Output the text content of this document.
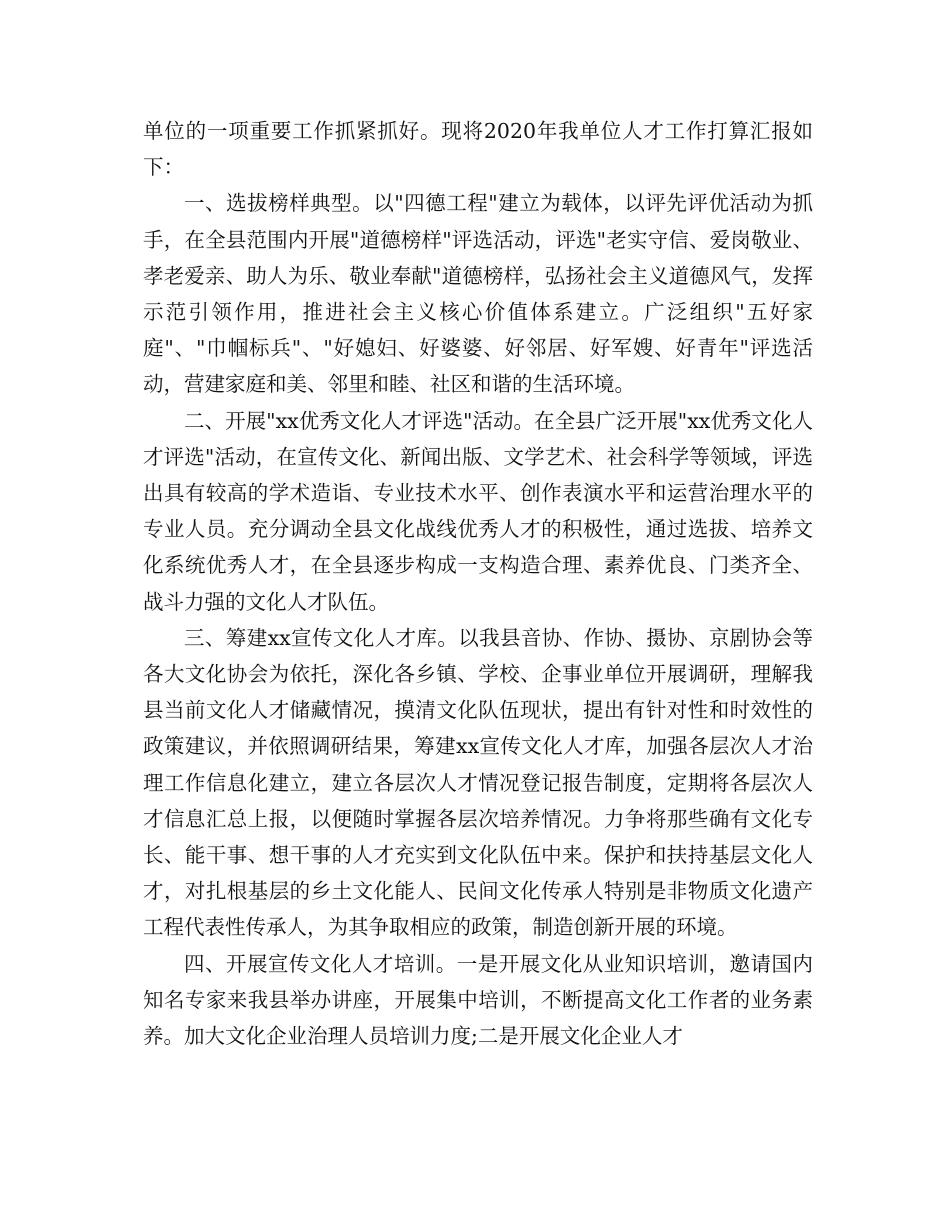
单位的一项重要工作抓紧抓好。现将2020年我单位人才工作打算汇报如下：

一、选拔榜样典型。以"四德工程"建立为载体，以评先评优活动为抓手，在全县范围内开展"道德榜样"评选活动，评选"老实守信、爱岗敬业、孝老爱亲、助人为乐、敬业奉献"道德榜样，弘扬社会主义道德风气，发挥示范引领作用，推进社会主义核心价值体系建立。广泛组织"五好家庭"、"巾帼标兵"、"好媳妇、好婆婆、好邻居、好军嫂、好青年"评选活动，营建家庭和美、邻里和睦、社区和谐的生活环境。

二、开展"xx优秀文化人才评选"活动。在全县广泛开展"xx优秀文化人才评选"活动，在宣传文化、新闻出版、文学艺术、社会科学等领域，评选出具有较高的学术造诣、专业技术水平、创作表演水平和运营治理水平的专业人员。充分调动全县文化战线优秀人才的积极性，通过选拔、培养文化系统优秀人才，在全县逐步构成一支构造合理、素养优良、门类齐全、战斗力强的文化人才队伍。

三、筹建xx宣传文化人才库。以我县音协、作协、摄协、京剧协会等各大文化协会为依托，深化各乡镇、学校、企事业单位开展调研，理解我县当前文化人才储藏情况，摸清文化队伍现状，提出有针对性和时效性的政策建议，并依照调研结果，筹建xx宣传文化人才库，加强各层次人才治理工作信息化建立，建立各层次人才情况登记报告制度，定期将各层次人才信息汇总上报，以便随时掌握各层次培养情况。力争将那些确有文化专长、能干事、想干事的人才充实到文化队伍中来。保护和扶持基层文化人才，对扎根基层的乡土文化能人、民间文化传承人特别是非物质文化遗产工程代表性传承人，为其争取相应的政策，制造创新开展的环境。

四、开展宣传文化人才培训。一是开展文化从业知识培训，邀请国内知名专家来我县举办讲座，开展集中培训，不断提高文化工作者的业务素养。加大文化企业治理人员培训力度;二是开展文化企业人才
